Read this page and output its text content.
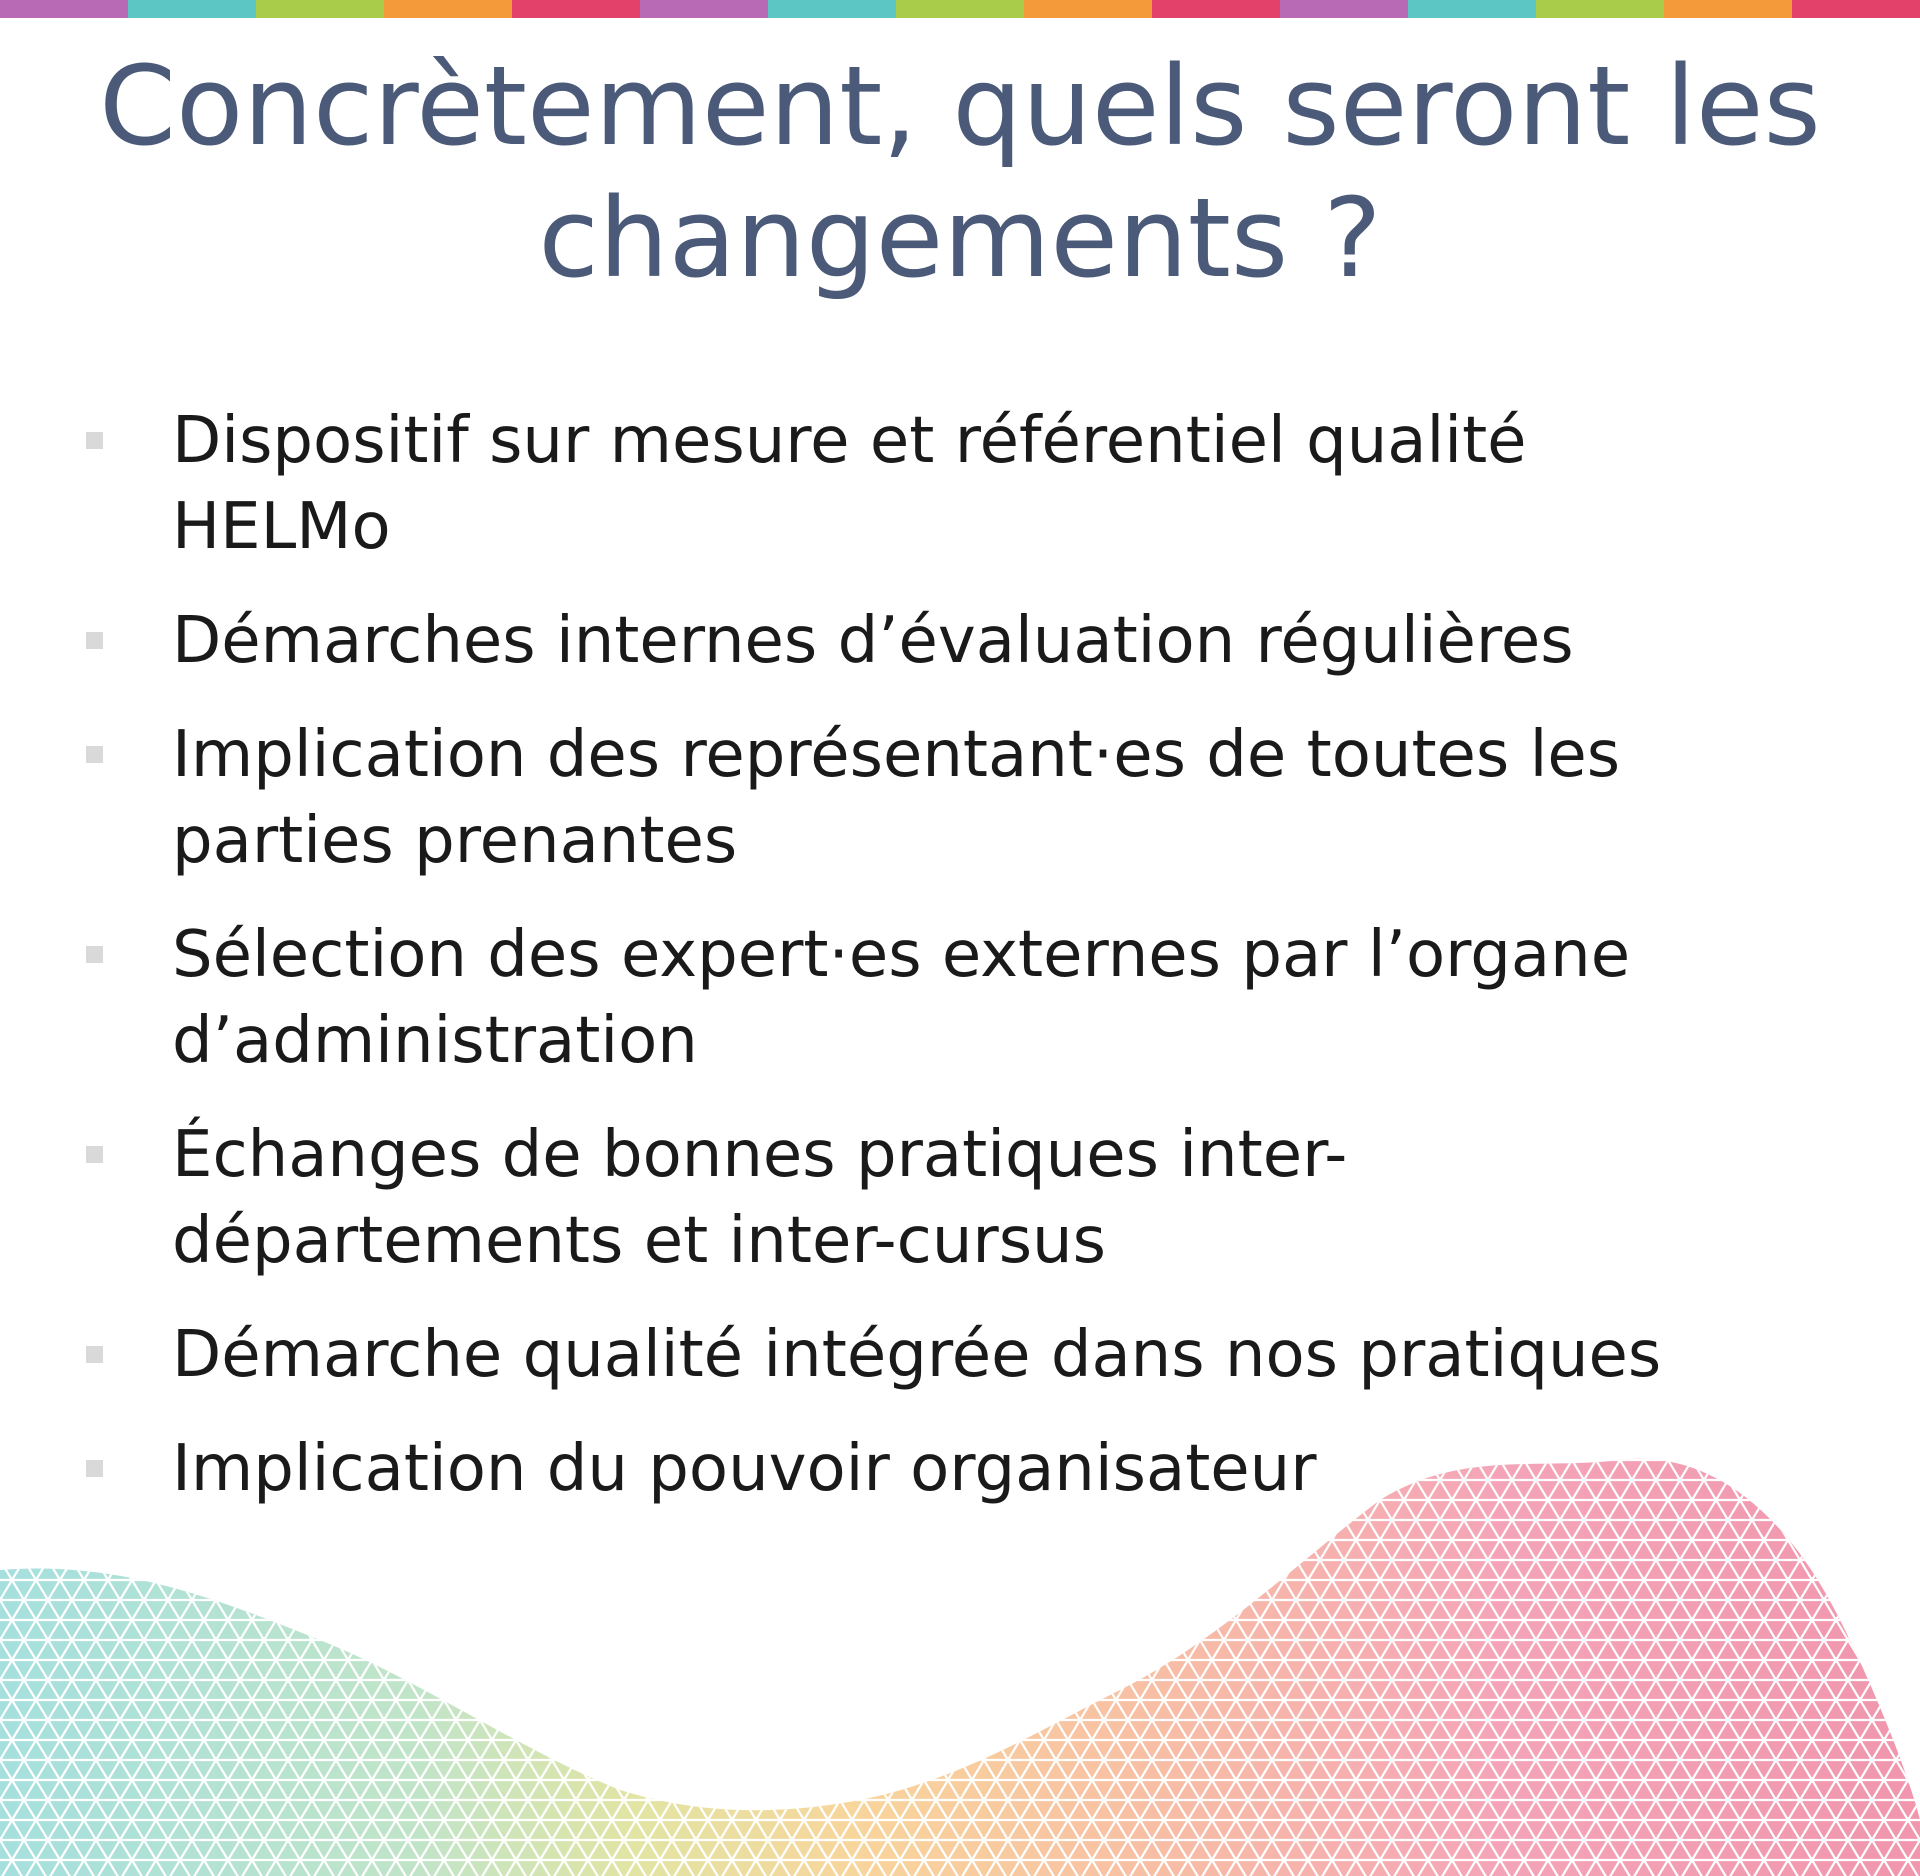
Concrètement, quels seront les changements ?
Dispositif sur mesure et référentiel qualité HELMo
Démarches internes d’évaluation régulières
Implication des représentant·es de toutes les parties prenantes
Sélection des expert·es externes par l’organe d’administration
Échanges de bonnes pratiques inter-départements et inter-cursus
Démarche qualité intégrée dans nos pratiques
Implication du pouvoir organisateur
